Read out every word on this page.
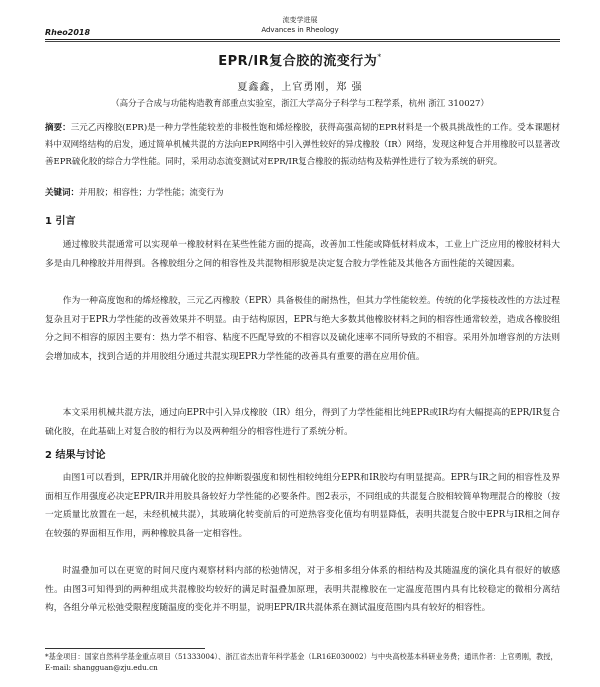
流变学进展
Advances in Rheology
Rheo2018
EPR/IR复合胶的流变行为*
夏鑫鑫，上官勇刚，郑 强
（高分子合成与功能构造教育部重点实验室，浙江大学高分子科学与工程学系，杭州 浙江 310027）
摘要：三元乙丙橡胶(EPR)是一种力学性能较差的非极性饱和烯烃橡胶，获得高强高韧的EPR材料是一个极具挑战性的工作。受本课题材料中双网络结构的启发，通过简单机械共混的方法向EPR网络中引入弹性较好的异戊橡胶（IR）网络，发现这种复合并用橡胶可以显著改善EPR硫化胶的综合力学性能。同时，采用动态流变测试对EPR/IR复合橡胶的振动结构及粘弹性进行了较为系统的研究。
关键词：并用胶；相容性；力学性能；流变行为
1 引言
通过橡胶共混通常可以实现单一橡胶材料在某些性能方面的提高，改善加工性能或降低材料成本，工业上广泛应用的橡胶材料大多是由几种橡胶并用得到。各橡胶组分之间的相容性及共混物相形貌是决定复合胶力学性能及其他各方面性能的关键因素。
作为一种高度饱和的烯烃橡胶，三元乙丙橡胶（EPR）具备极佳的耐热性，但其力学性能较差。传统的化学接枝改性的方法过程复杂且对于EPR力学性能的改善效果并不明显。由于结构原因，EPR与绝大多数其他橡胶材料之间的相容性通常较差，造成各橡胶组分之间不相容的原因主要有：热力学不相容、粘度不匹配导致的不相容以及硫化速率不同所导致的不相容。采用外加增容剂的方法则会增加成本，找到合适的并用胶组分通过共混实现EPR力学性能的改善具有重要的潜在应用价值。
本文采用机械共混方法，通过向EPR中引入异戊橡胶（IR）组分，得到了力学性能相比纯EPR或IR均有大幅提高的EPR/IR复合硫化胶，在此基础上对复合胶的相行为以及两种组分的相容性进行了系统分析。
2 结果与讨论
由图1可以看到，EPR/IR并用硫化胶的拉伸断裂强度和韧性相较纯组分EPR和IR胶均有明显提高。EPR与IR之间的相容性及界面相互作用强度必决定EPR/IR并用胶具备较好力学性能的必要条件。图2表示，不同组成的共混复合胶相较简单物理混合的橡胶（按一定质量比放置在一起，未经机械共混），其玻璃化转变前后的可逆热容变化值均有明显降低，表明共混复合胶中EPR与IR相之间存在较强的界面相互作用，两种橡胶具备一定相容性。
时温叠加可以在更宽的时间尺度内观察材料内部的松弛情况，对于多相多组分体系的相结构及其随温度的演化具有很好的敏感性。由图3可知得到的两种组成共混橡胶均较好的满足时温叠加原理，表明共混橡胶在一定温度范围内具有比较稳定的微相分离结构，各组分单元松弛受限程度随温度的变化并不明显，说明EPR/IR共混体系在测试温度范围内具有较好的相容性。
*基金项目：国家自然科学基金重点项目（51333004）、浙江省杰出青年科学基金（LR16E030002）与中央高校基本科研业务费；通讯作者：上官勇刚，教授，E-mail: shangguan@zju.edu.cn
